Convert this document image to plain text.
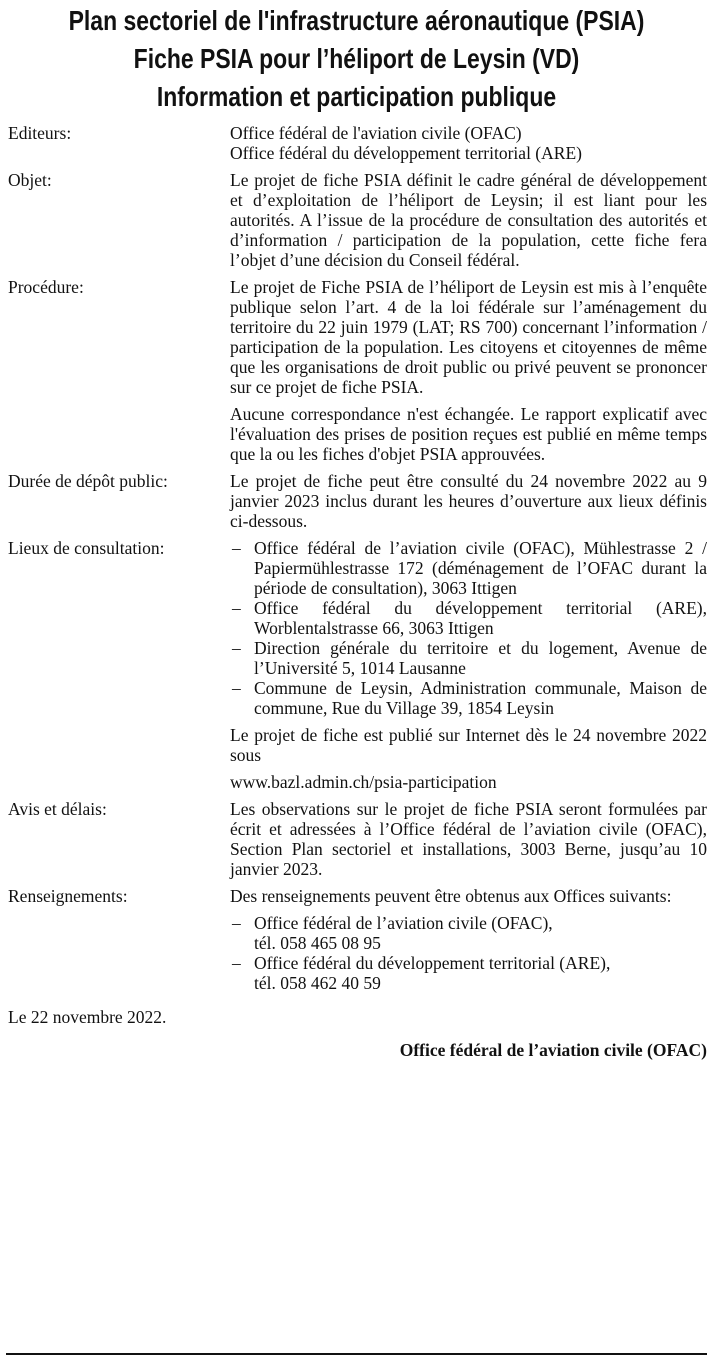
Plan sectoriel de l'infrastructure aéronautique (PSIA)
Fiche PSIA pour l’héliport de Leysin (VD)
Information et participation publique
Editeurs:	Office fédéral de l'aviation civile (OFAC)
Office fédéral du développement territorial (ARE)
Objet:	Le projet de fiche PSIA définit le cadre général de développement et d’exploitation de l’héliport de Leysin; il est liant pour les autorités. A l’issue de la procédure de consultation des autorités et d’information / participation de la population, cette fiche fera l’objet d’une décision du Conseil fédéral.

Procédure:	Le projet de Fiche PSIA de l’héliport de Leysin est mis à l’enquête publique selon l’art. 4 de la loi fédérale sur l’aménagement du territoire du 22 juin 1979 (LAT; RS 700) concernant l’information / participation de la population. Les citoyens et citoyennes de même que les organisations de droit public ou privé peuvent se prononcer sur ce projet de fiche PSIA.

Aucune correspondance n'est échangée. Le rapport explicatif avec l'évaluation des prises de position reçues est publié en même temps que la ou les fiches d'objet PSIA approuvées.

Durée de dépôt public:	Le projet de fiche peut être consulté du 24 novembre 2022 au 9 janvier 2023 inclus durant les heures d’ouverture aux lieux définis ci-dessous.

Lieux de consultation:
–	Office fédéral de l’aviation civile (OFAC), Mühlestrasse 2 / Papiermühlestrasse 172 (déménagement de l’OFAC durant la période de consultation), 3063 Ittigen
– Office fédéral du développement territorial (ARE), Worblentalstrasse 66, 3063 Ittigen
– Direction générale du territoire et du logement, Avenue de l’Université 5, 1014 Lausanne
– Commune de Leysin, Administration communale, Maison de commune, Rue du Village 39, 1854 Leysin

Le projet de fiche est publié sur Internet dès le 24 novembre 2022 sous

www.bazl.admin.ch/psia-participation

Avis et délais:	Les observations sur le projet de fiche PSIA seront formulées par écrit et adressées à l’Office fédéral de l’aviation civile (OFAC), Section Plan sectoriel et installations, 3003 Berne, jusqu’au 10 janvier 2023.

Renseignements:	Des renseignements peuvent être obtenus aux Offices suivants:

– Office fédéral de l’aviation civile (OFAC),
tél. 058 465 08 95
– Office fédéral du développement territorial (ARE),
tél. 058 462 40 59
Le 22 novembre 2022.
Office fédéral de l’aviation civile (OFAC)
